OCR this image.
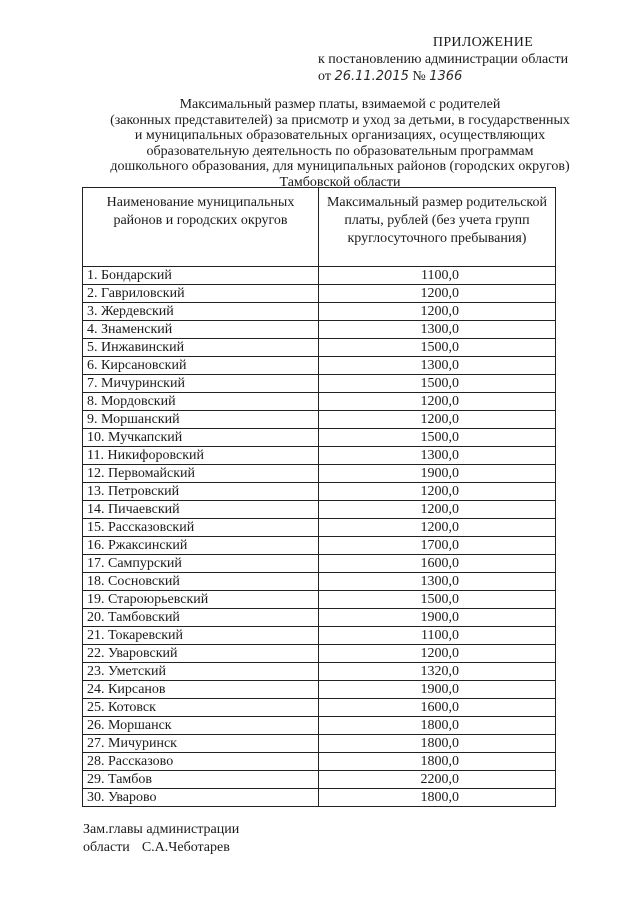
ПРИЛОЖЕНИЕ
к постановлению администрации области
от 26.11.2015 № 1366
Максимальный размер платы, взимаемой с родителей
(законных представителей) за присмотр и уход за детьми, в государственных
и муниципальных образовательных организациях, осуществляющих
образовательную деятельность по образовательным программам
дошкольного образования, для муниципальных районов (городских округов)
Тамбовской области
Наименование муниципальных районов и городских округов	Максимальный размер родительской платы, рублей (без учета групп круглосуточного пребывания)
1. Бондарский	1100,0
2. Гавриловский	1200,0
3. Жердевский	1200,0
4. Знаменский	1300,0
5. Инжавинский	1500,0
6. Кирсановский	1300,0
7. Мичуринский	1500,0
8. Мордовский	1200,0
9. Моршанский	1200,0
10. Мучкапский	1500,0
11. Никифоровский	1300,0
12. Первомайский	1900,0
13. Петровский	1200,0
14. Пичаевский	1200,0
15. Рассказовский	1200,0
16. Ржаксинский	1700,0
17. Сампурский	1600,0
18. Сосновский	1300,0
19. Староюрьевский	1500,0
20. Тамбовский	1900,0
21. Токаревский	1100,0
22. Уваровский	1200,0
23. Уметский	1320,0
24. Кирсанов	1900,0
25. Котовск	1600,0
26. Моршанск	1800,0
27. Мичуринск	1800,0
28. Рассказово	1800,0
29. Тамбов	2200,0
30. Уварово	1800,0
Зам.главы администрации
области С.А.Чеботарев
